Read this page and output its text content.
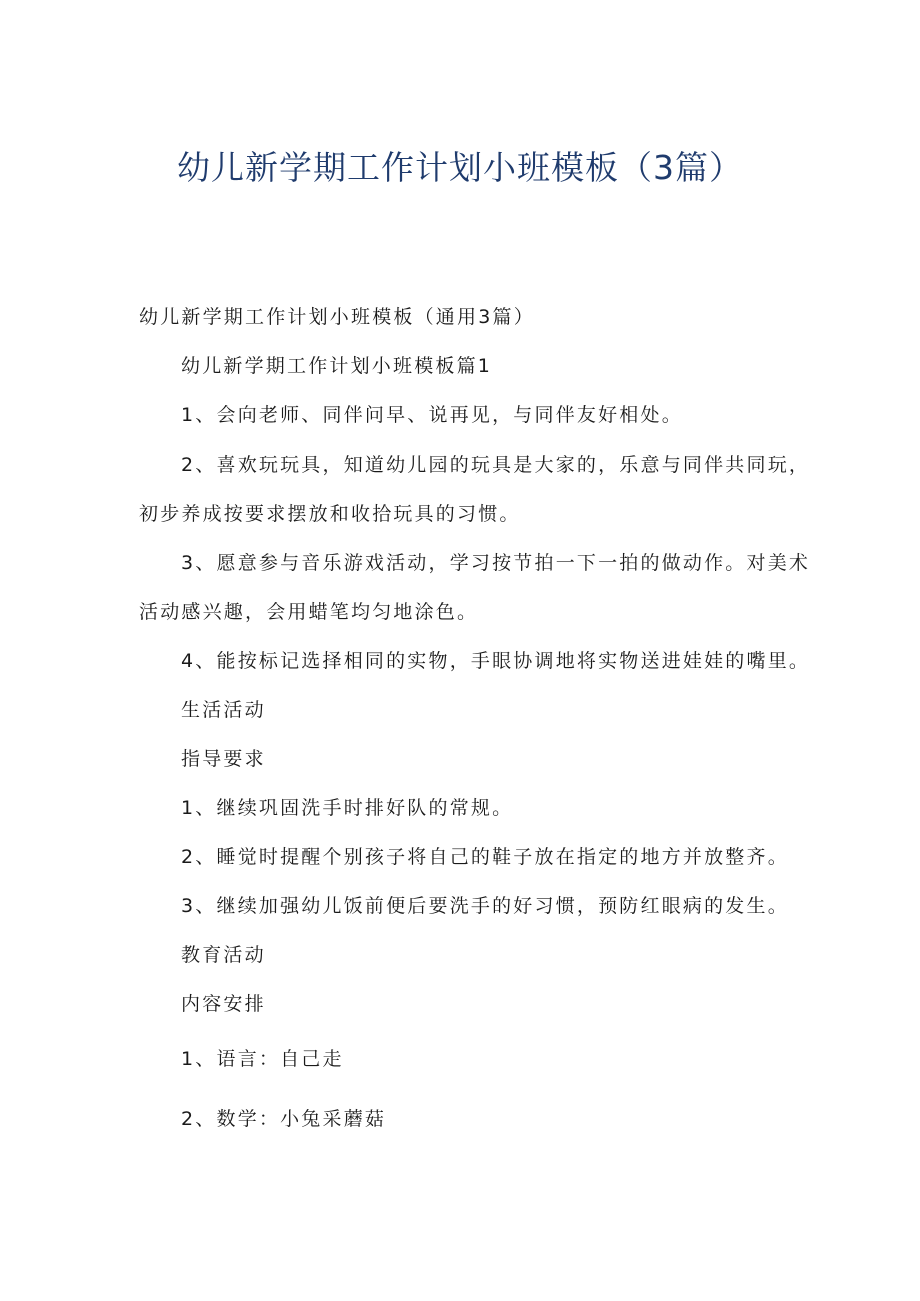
幼儿新学期工作计划小班模板（3篇）
幼儿新学期工作计划小班模板（通用3篇）
幼儿新学期工作计划小班模板篇1
1、会向老师、同伴问早、说再见，与同伴友好相处。
2、喜欢玩玩具，知道幼儿园的玩具是大家的，乐意与同伴共同玩，
初步养成按要求摆放和收拾玩具的习惯。
3、愿意参与音乐游戏活动，学习按节拍一下一拍的做动作。对美术
活动感兴趣，会用蜡笔均匀地涂色。
4、能按标记选择相同的实物，手眼协调地将实物送进娃娃的嘴里。
生活活动
指导要求
1、继续巩固洗手时排好队的常规。
2、睡觉时提醒个别孩子将自己的鞋子放在指定的地方并放整齐。
3、继续加强幼儿饭前便后要洗手的好习惯，预防红眼病的发生。
教育活动
内容安排
1、语言：自己走
2、数学：小兔采蘑菇
